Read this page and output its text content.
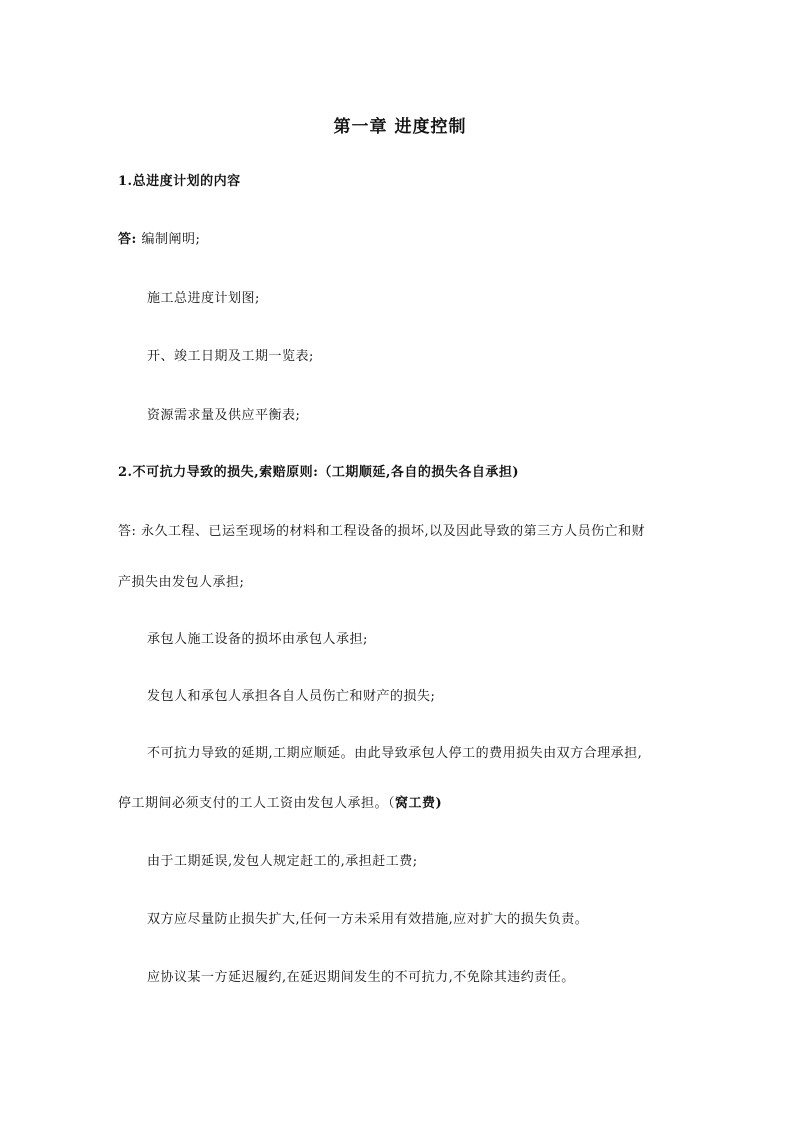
第一章 进度控制
1.总进度计划的内容
答: 编制阐明;
施工总进度计划图;
开、竣工日期及工期一览表;
资源需求量及供应平衡表;
2.不可抗力导致的损失,索赔原则:（工期顺延,各自的损失各自承担)
答: 永久工程、已运至现场的材料和工程设备的损坏,以及因此导致的第三方人员伤亡和财
产损失由发包人承担;
承包人施工设备的损坏由承包人承担;
发包人和承包人承担各自人员伤亡和财产的损失;
不可抗力导致的延期,工期应顺延。由此导致承包人停工的费用损失由双方合理承担,
停工期间必须支付的工人工资由发包人承担。（窝工费)
由于工期延误,发包人规定赶工的,承担赶工费;
双方应尽量防止损失扩大,任何一方未采用有效措施,应对扩大的损失负责。
应协议某一方延迟履约,在延迟期间发生的不可抗力,不免除其违约责任。
